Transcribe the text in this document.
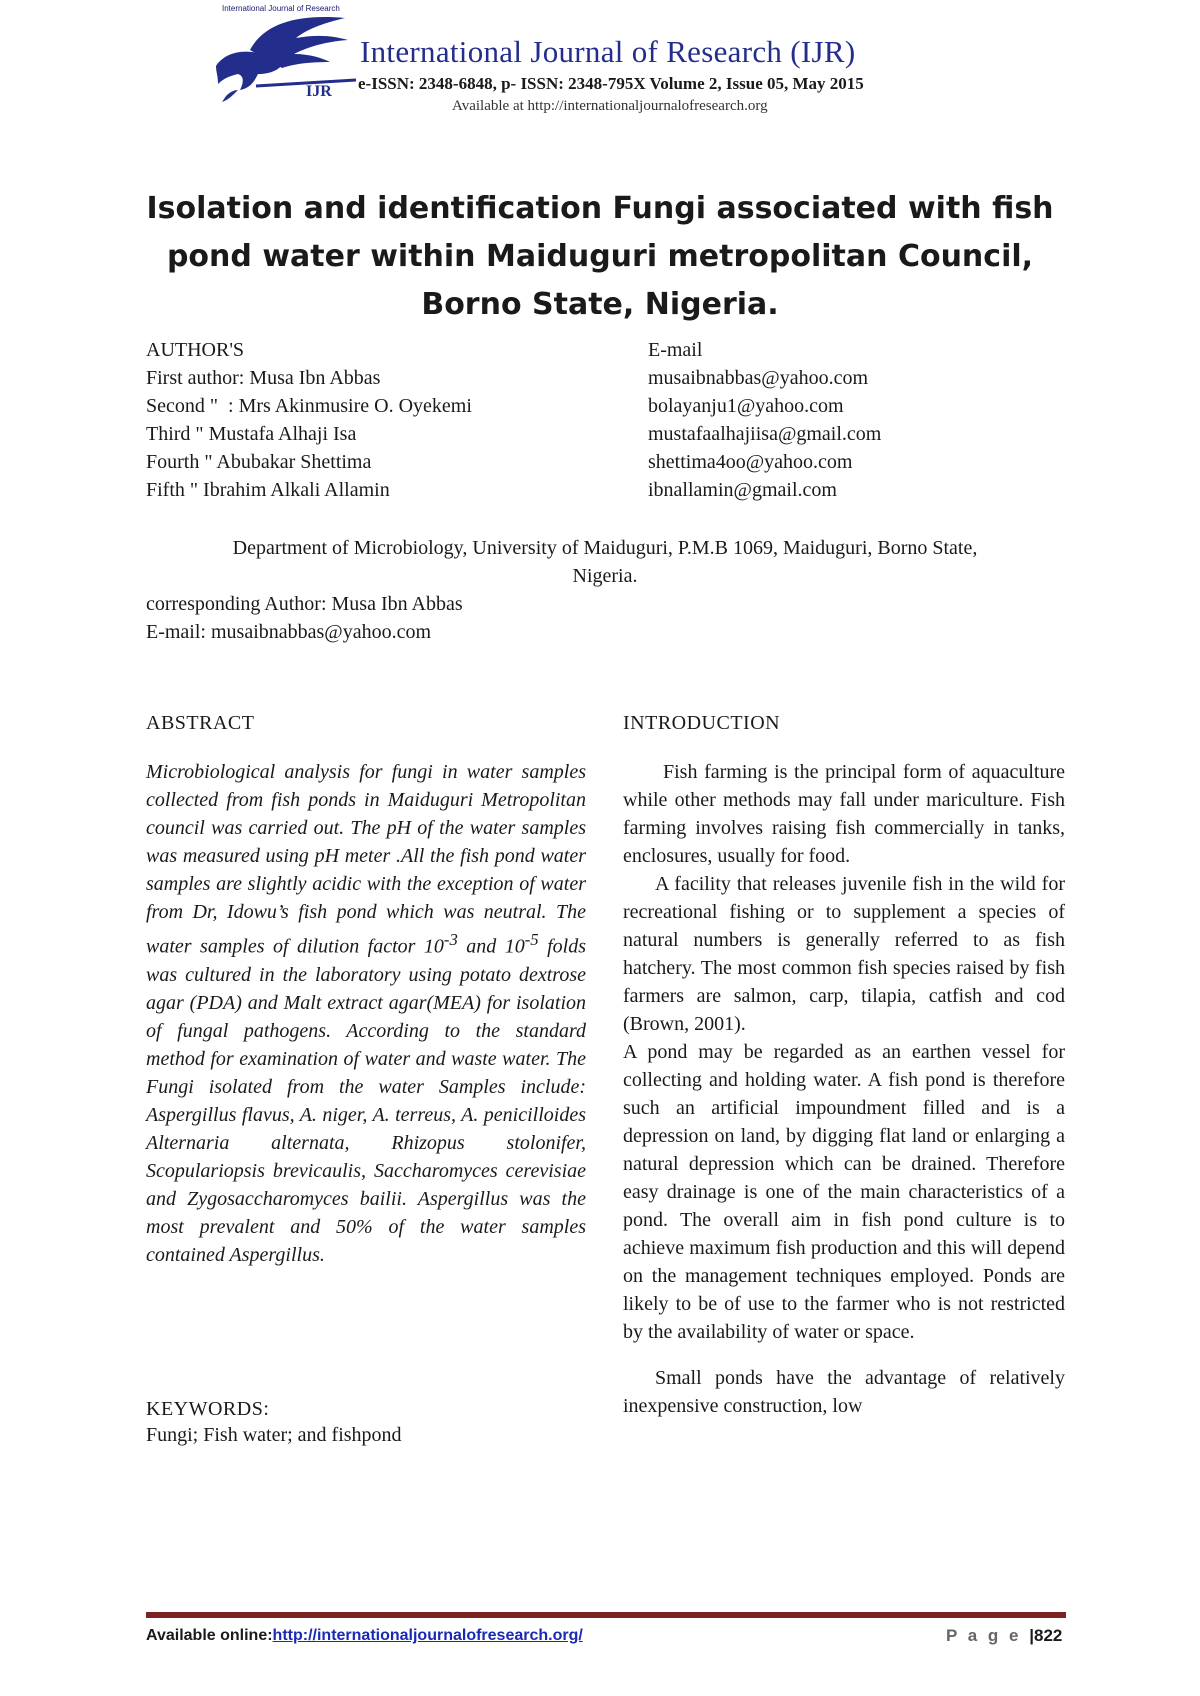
International Journal of Research
IJR
International Journal of Research (IJR)
e-ISSN: 2348-6848, p- ISSN: 2348-795X Volume 2, Issue 05, May 2015
Available at http://internationaljournalofresearch.org
Isolation and identification Fungi associated with fish
pond water within Maiduguri metropolitan Council,
Borno State, Nigeria.
AUTHOR'S
First author: Musa Ibn Abbas
Second "  : Mrs Akinmusire O. Oyekemi
Third " Mustafa Alhaji Isa
Fourth " Abubakar Shettima
Fifth " Ibrahim Alkali Allamin
E-mail
musaibnabbas@yahoo.com
bolayanju1@yahoo.com
mustafaalhajiisa@gmail.com
shettima4oo@yahoo.com
ibnallamin@gmail.com
Department of Microbiology, University of Maiduguri, P.M.B 1069, Maiduguri, Borno State,
Nigeria.
corresponding Author: Musa Ibn Abbas
E-mail: musaibnabbas@yahoo.com
ABSTRACT
Microbiological analysis for fungi in water samples collected from fish ponds in Maiduguri Metropolitan council was carried out. The pH of the water samples was measured using pH meter .All the fish pond water samples are slightly acidic with the exception of water from Dr, Idowu’s fish pond which was neutral. The water samples of dilution factor $10^{-3}$ and $10^{-5}$ folds was cultured in the laboratory using potato dextrose agar (PDA) and Malt extract agar(MEA) for isolation of fungal pathogens. According to the standard method for examination of water and waste water. The Fungi isolated from the water Samples include: Aspergillus flavus, A. niger, A. terreus, A. penicilloides Alternaria alternata, Rhizopus stolonifer, Scopulariopsis brevicaulis, Saccharomyces cerevisiae and Zygosaccharomyces bailii. Aspergillus was the most prevalent and 50% of the water samples contained Aspergillus.
KEYWORDS:
Fungi; Fish water; and fishpond
INTRODUCTION

Fish farming is the principal form of aquaculture while other methods may fall under mariculture. Fish farming involves raising fish commercially in tanks, enclosures, usually for food.

A facility that releases juvenile fish in the wild for recreational fishing or to supplement a species of natural numbers is generally referred to as fish hatchery. The most common fish species raised by fish farmers are salmon, carp, tilapia, catfish and cod (Brown, 2001).

A pond may be regarded as an earthen vessel for collecting and holding water. A fish pond is therefore such an artificial impoundment filled and is a depression on land, by digging flat land or enlarging a natural depression which can be drained. Therefore easy drainage is one of the main characteristics of a pond. The overall aim in fish pond culture is to achieve maximum fish production and this will depend on the management techniques employed. Ponds are likely to be of use to the farmer who is not restricted by the availability of water or space.

Small ponds have the advantage of relatively inexpensive construction, low

Available online:http://internationaljournalofresearch.org/	P a g e |822
